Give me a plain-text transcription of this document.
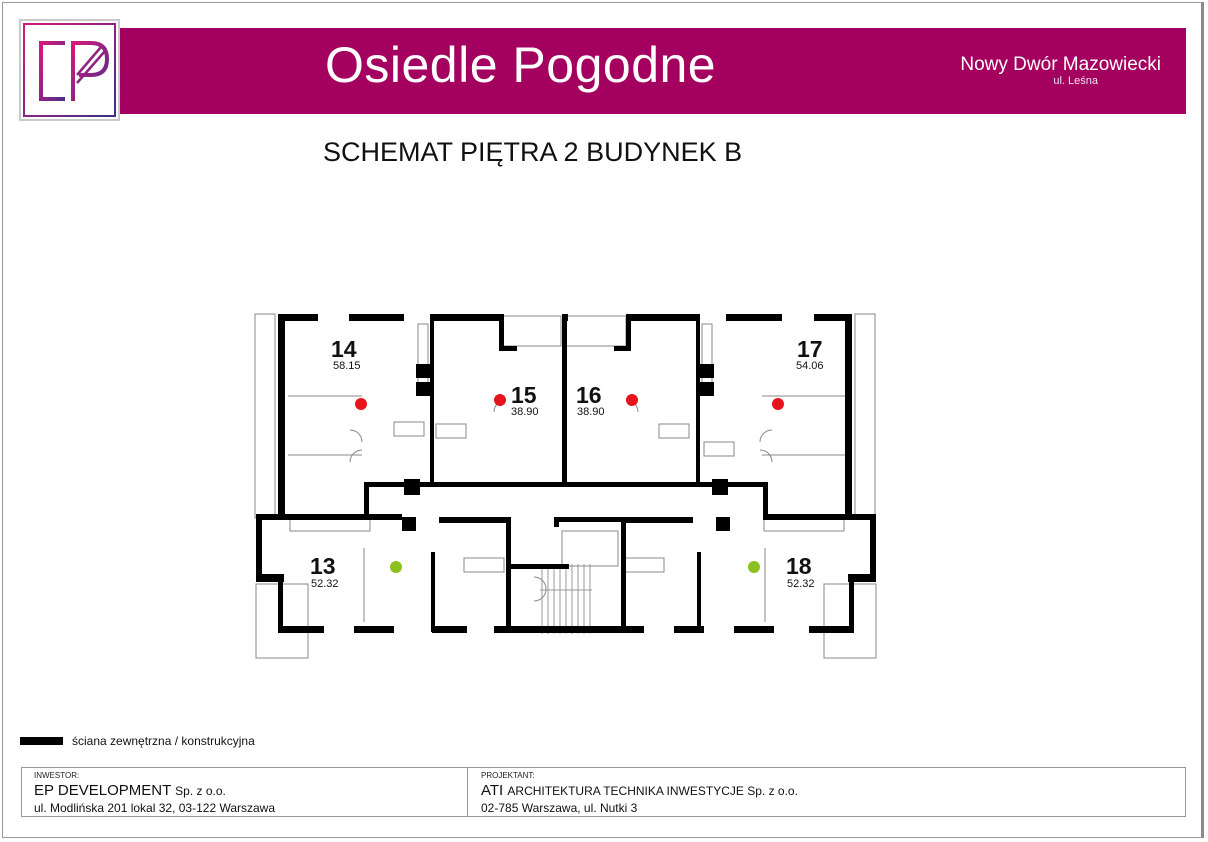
Osiedle Pogodne	Nowy Dwór Mazowiecki
ul. Leśna
SCHEMAT PIĘTRA 2 BUDYNEK B
14
58.15
15
38.90
16
38.90
17
54.06
13
52.32
18
52.32
ściana zewnętrzna / konstrukcyjna
INWESTOR:
EP DEVELOPMENT Sp. z o.o.
ul. Modlińska 201 lokal 32, 03-122 Warszawa
PROJEKTANT:
ATI ARCHITEKTURA TECHNIKA INWESTYCJE Sp. z o.o.
02-785 Warszawa, ul. Nutki 3
